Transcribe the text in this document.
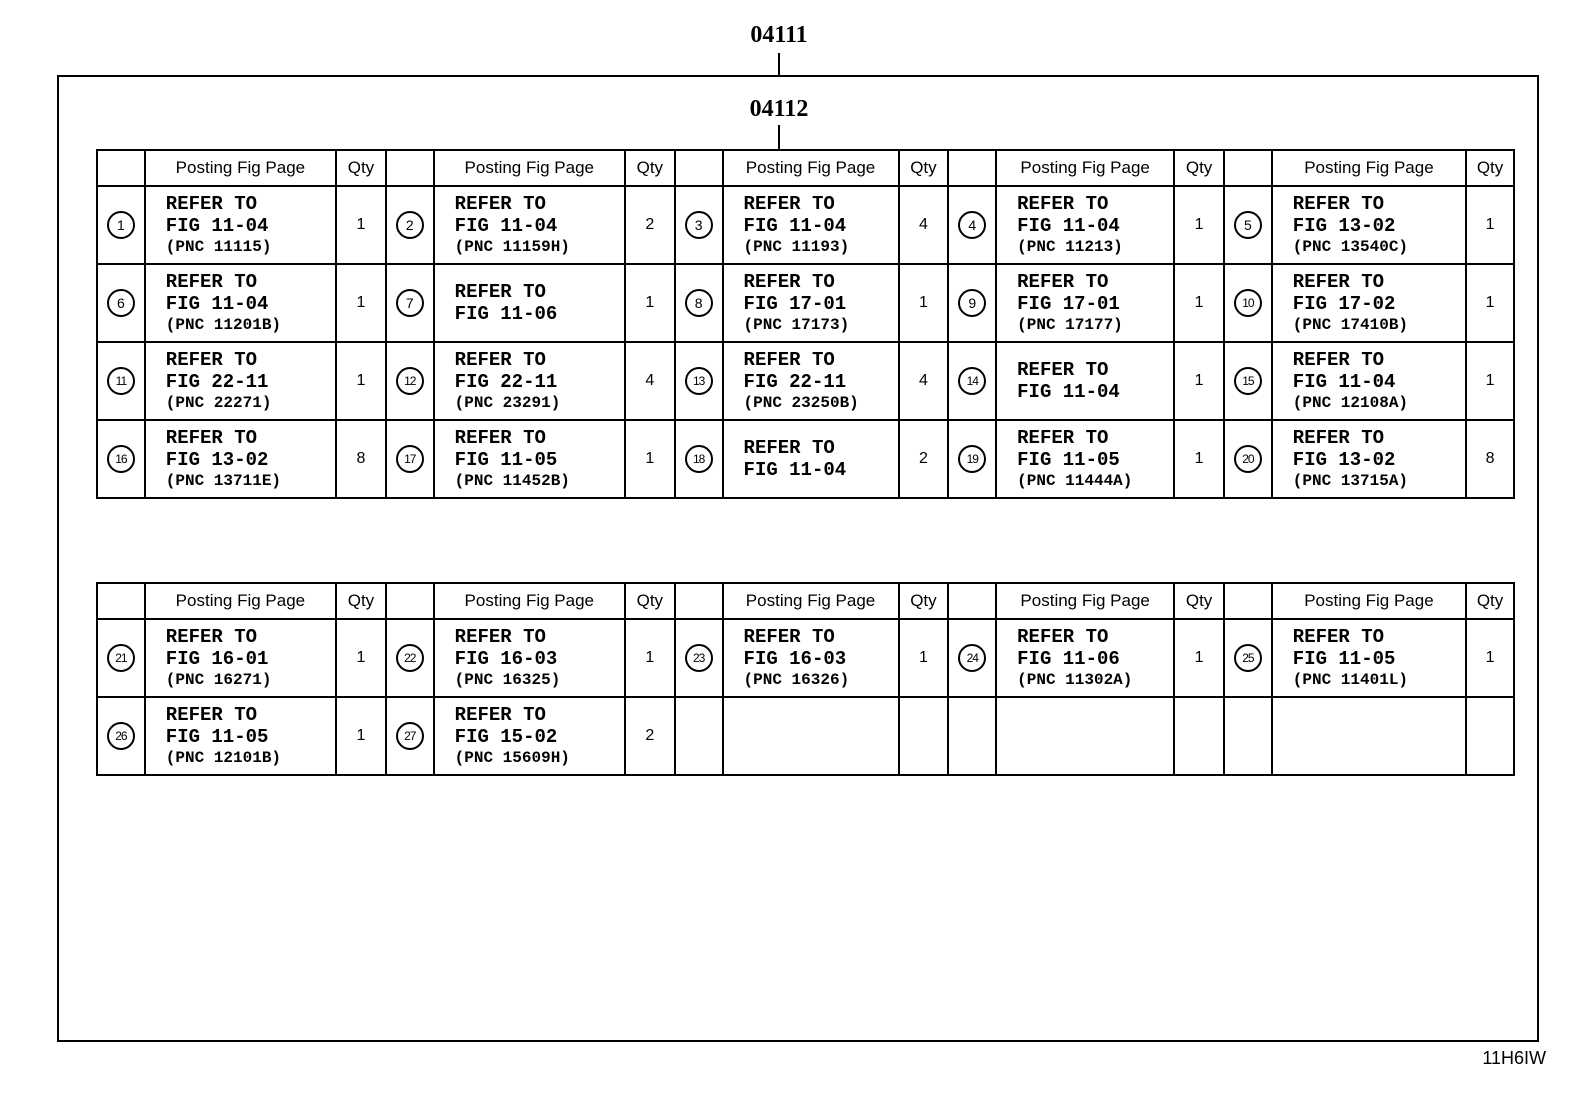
04111
04112
	Posting Fig Page	Qty		Posting Fig Page	Qty		Posting Fig Page	Qty		Posting Fig Page	Qty		Posting Fig Page	Qty
1	REFER TO
FIG 11-04
(PNC 11115)	1	2	REFER TO
FIG 11-04
(PNC 11159H)	2	3	REFER TO
FIG 11-04
(PNC 11193)	4	4	REFER TO
FIG 11-04
(PNC 11213)	1	5	REFER TO
FIG 13-02
(PNC 13540C)	1
6	REFER TO
FIG 11-04
(PNC 11201B)	1	7	REFER TO
FIG 11-06	1	8	REFER TO
FIG 17-01
(PNC 17173)	1	9	REFER TO
FIG 17-01
(PNC 17177)	1	10	REFER TO
FIG 17-02
(PNC 17410B)	1
11	REFER TO
FIG 22-11
(PNC 22271)	1	12	REFER TO
FIG 22-11
(PNC 23291)	4	13	REFER TO
FIG 22-11
(PNC 23250B)	4	14	REFER TO
FIG 11-04	1	15	REFER TO
FIG 11-04
(PNC 12108A)	1
16	REFER TO
FIG 13-02
(PNC 13711E)	8	17	REFER TO
FIG 11-05
(PNC 11452B)	1	18	REFER TO
FIG 11-04	2	19	REFER TO
FIG 11-05
(PNC 11444A)	1	20	REFER TO
FIG 13-02
(PNC 13715A)	8
	Posting Fig Page	Qty		Posting Fig Page	Qty		Posting Fig Page	Qty		Posting Fig Page	Qty		Posting Fig Page	Qty
21	REFER TO
FIG 16-01
(PNC 16271)	1	22	REFER TO
FIG 16-03
(PNC 16325)	1	23	REFER TO
FIG 16-03
(PNC 16326)	1	24	REFER TO
FIG 11-06
(PNC 11302A)	1	25	REFER TO
FIG 11-05
(PNC 11401L)	1
26	REFER TO
FIG 11-05
(PNC 12101B)	1	27	REFER TO
FIG 15-02
(PNC 15609H)	2									
11H6IW
